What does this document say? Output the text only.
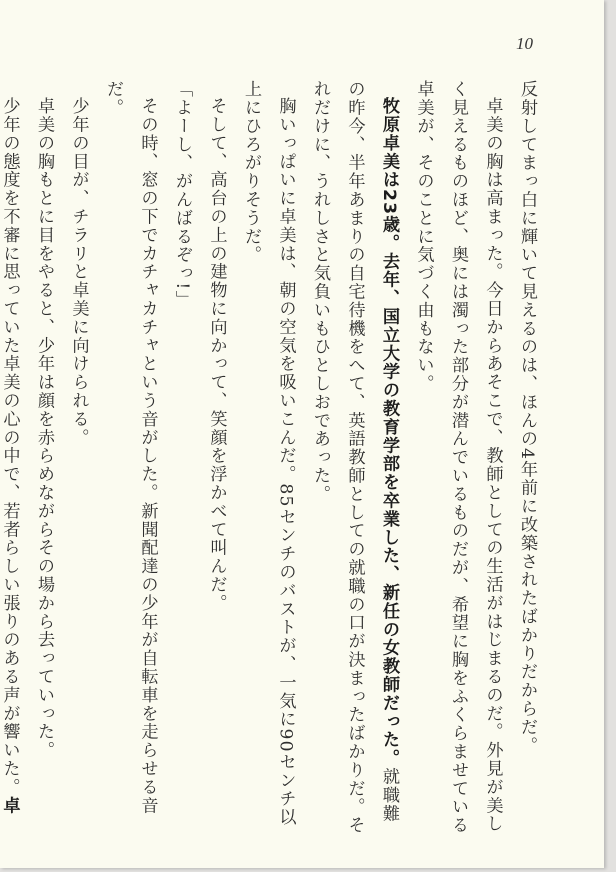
10

反射してまっ白に輝いて見えるのは、ほんの4年前に改築されたばかりだからだ。

卓美の胸は高まった。今日からあそこで、教師としての生活がはじまるのだ。外見が美しく見えるものほど、奥には濁った部分が潜んでいるものだが、希望に胸をふくらませている卓美が、そのことに気づく由もない。

牧原卓美は23歳。去年、国立大学の教育学部を卒業した、新任の女教師だった。就職難の昨今、半年あまりの自宅待機をへて、英語教師としての就職の口が決まったばかりだ。それだけに、うれしさと気負いもひとしおであった。

胸いっぱいに卓美は、朝の空気を吸いこんだ。85センチのバストが、一気に90センチ以上にひろがりそうだ。

そして、高台の上の建物に向かって、笑顔を浮かべて叫んだ。

「よーし、がんばるぞっ!」

その時、窓の下でカチャカチャという音がした。新聞配達の少年が自転車を走らせる音だ。

少年の目が、チラリと卓美に向けられる。

卓美の胸もとに目をやると、少年は顔を赤らめながらその場から去っていった。

少年の態度を不審に思っていた卓美の心の中で、若者らしい張りのある声が響いた。卓
